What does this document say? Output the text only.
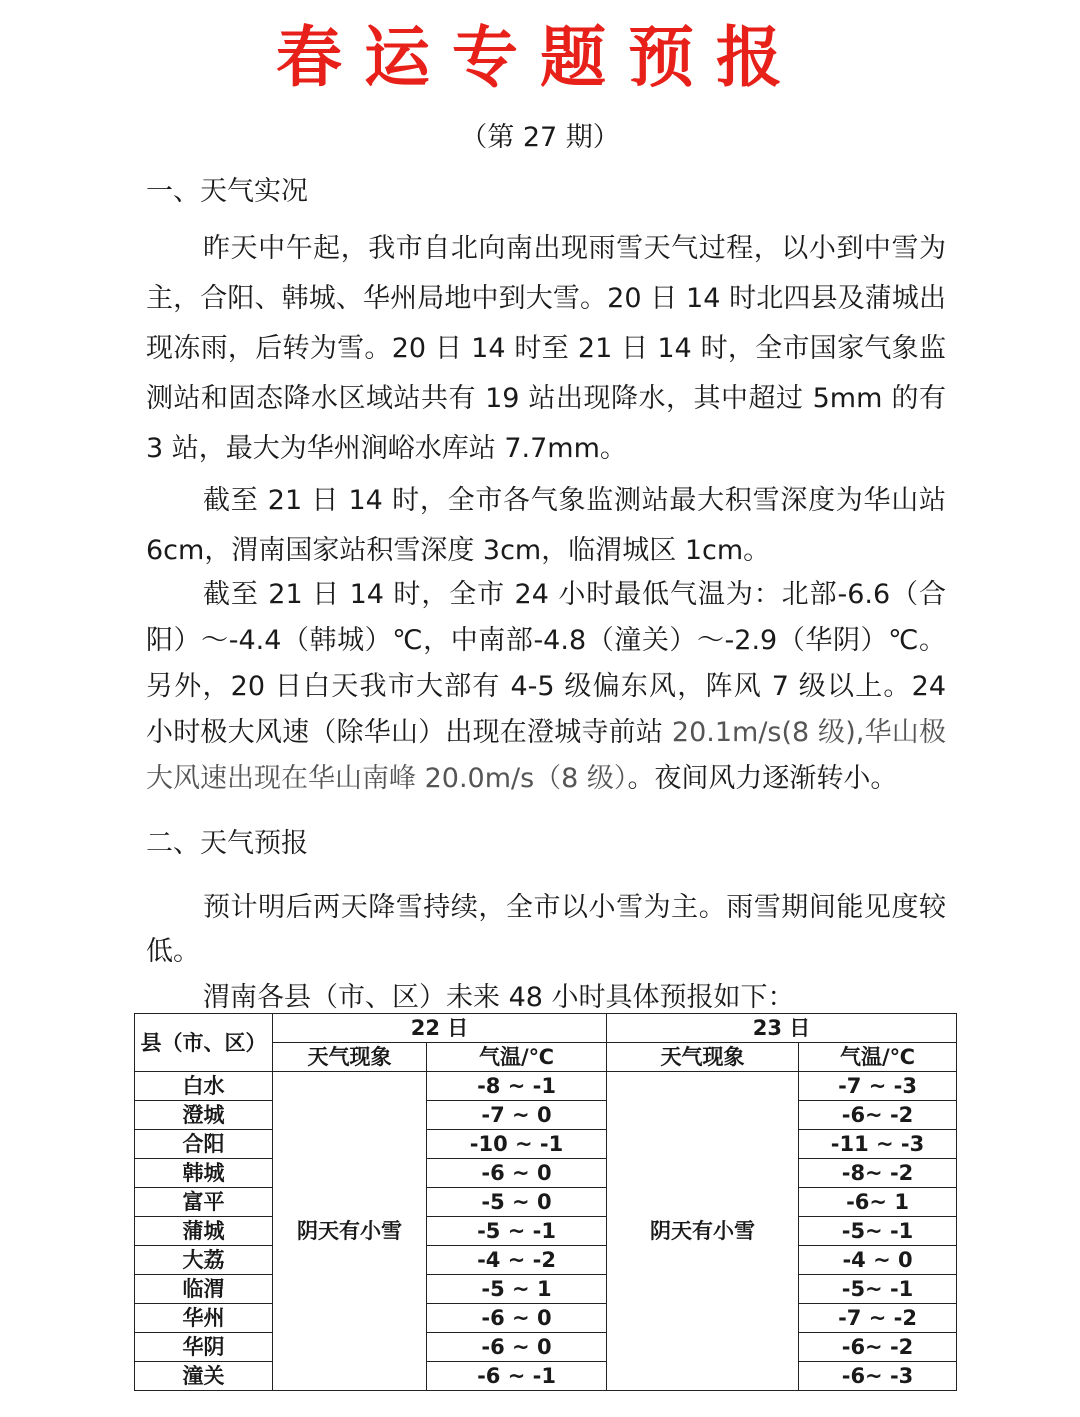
春运专题预报
（第 27 期）
一、天气实况

昨天中午起，我市自北向南出现雨雪天气过程，以小到中雪为主，合阳、韩城、华州局地中到大雪。20 日 14 时北四县及蒲城出现冻雨，后转为雪。20 日 14 时至 21 日 14 时，全市国家气象监测站和固态降水区域站共有 19 站出现降水，其中超过 5mm 的有 3 站，最大为华州涧峪水库站 7.7mm。

截至 21 日 14 时，全市各气象监测站最大积雪深度为华山站 6cm，渭南国家站积雪深度 3cm，临渭城区 1cm。

截至 21 日 14 时，全市 24 小时最低气温为：北部-6.6（合阳）～-4.4（韩城）℃，中南部-4.8（潼关）～-2.9（华阴）℃。另外，20 日白天我市大部有 4-5 级偏东风，阵风 7 级以上。24 小时极大风速（除华山）出现在澄城寺前站 20.1m/s(8 级),华山极大风速出现在华山南峰 20.0m/s（8 级）。夜间风力逐渐转小。

二、天气预报

预计明后两天降雪持续，全市以小雪为主。雨雪期间能见度较低。

渭南各县（市、区）未来 48 小时具体预报如下：

县（市、区）	22 日		23 日	
	天气现象	气温/℃	天气现象	气温/℃
白水	阴天有小雪	-8 ~ -1	阴天有小雪	-7 ~ -3
澄城		-7 ~ 0		-6~ -2
合阳		-10 ~ -1		-11 ~ -3
韩城		-6 ~ 0		-8~ -2
富平		-5 ~ 0		-6~ 1
蒲城		-5 ~ -1		-5~ -1
大荔		-4 ~ -2		-4 ~ 0
临渭		-5 ~ 1		-5~ -1
华州		-6 ~ 0		-7 ~ -2
华阴		-6 ~ 0		-6~ -2
潼关		-6 ~ -1		-6~ -3
